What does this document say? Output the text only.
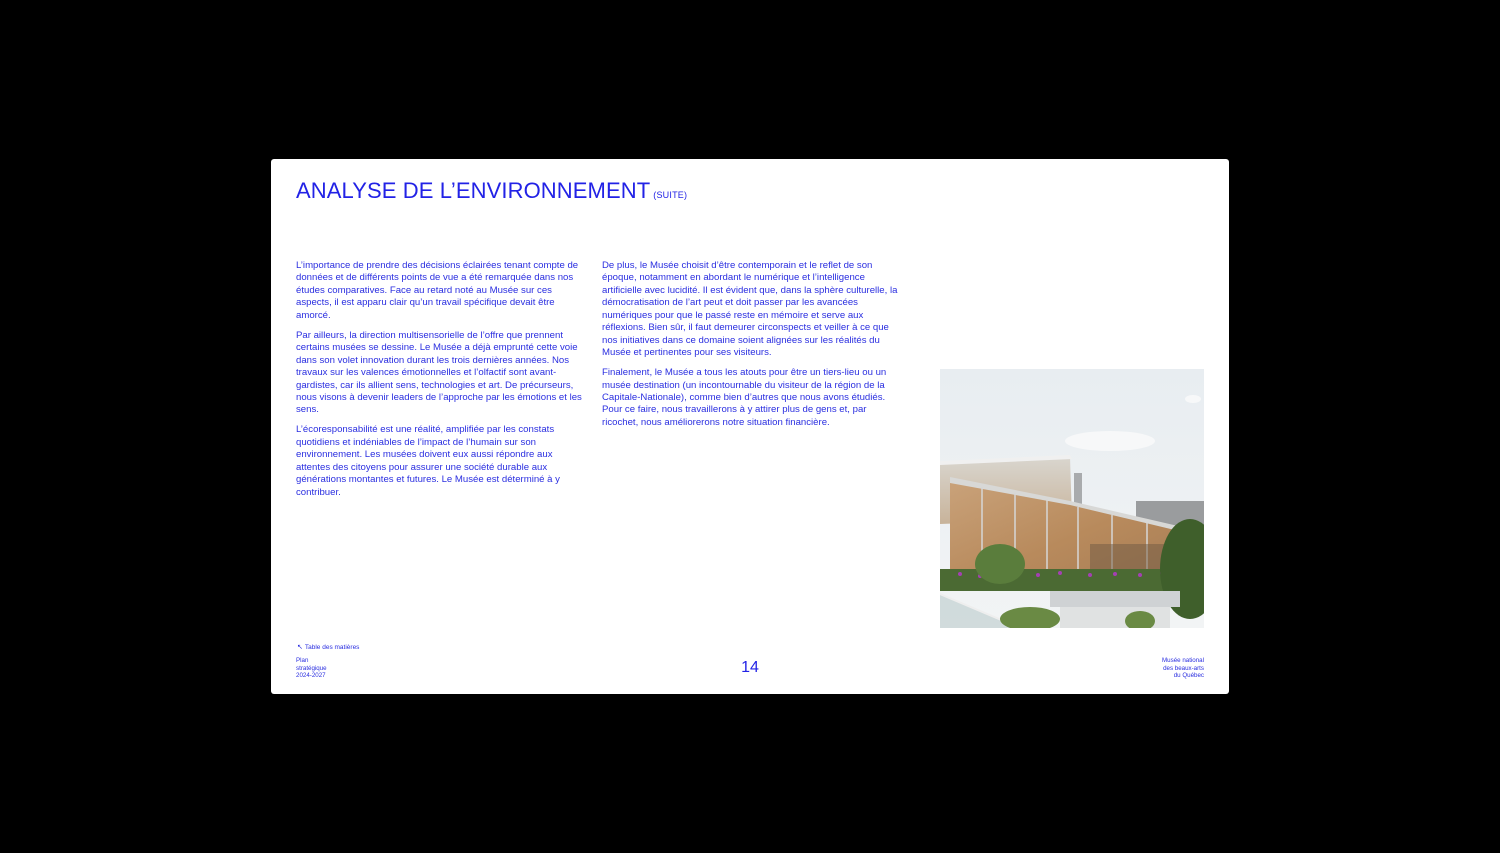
ANALYSE DE L’ENVIRONNEMENT (SUITE)

L’importance de prendre des décisions éclairées tenant compte de données et de différents points de vue a été remarquée dans nos études comparatives. Face au retard noté au Musée sur ces aspects, il est apparu clair qu’un travail spécifique devait être amorcé.

Par ailleurs, la direction multisensorielle de l’offre que prennent certains musées se dessine. Le Musée a déjà emprunté cette voie dans son volet innovation durant les trois dernières années. Nos travaux sur les valences émotionnelles et l’olfactif sont avant-gardistes, car ils allient sens, technologies et art. De précurseurs, nous visons à devenir leaders de l’approche par les émotions et les sens.

L’écoresponsabilité est une réalité, amplifiée par les constats quotidiens et indéniables de l’impact de l’humain sur son environnement. Les musées doivent eux aussi répondre aux attentes des citoyens pour assurer une société durable aux générations montantes et futures. Le Musée est déterminé à y contribuer.

De plus, le Musée choisit d’être contemporain et le reflet de son époque, notamment en abordant le numérique et l’intelligence artificielle avec lucidité. Il est évident que, dans la sphère culturelle, la démocratisation de l’art peut et doit passer par les avancées numériques pour que le passé reste en mémoire et serve aux réflexions. Bien sûr, il faut demeurer circonspects et veiller à ce que nos initiatives dans ce domaine soient alignées sur les réalités du Musée et pertinentes pour ses visiteurs.

Finalement, le Musée a tous les atouts pour être un tiers-lieu ou un musée destination (un incontournable du visiteur de la région de la Capitale-Nationale), comme bien d’autres que nous avons étudiés. Pour ce faire, nous travaillerons à y attirer plus de gens et, par ricochet, nous améliorerons notre situation financière.

↖ Table des matières
Plan
stratégique
2024-2027	14	Musée national
des beaux-arts
du Québec
